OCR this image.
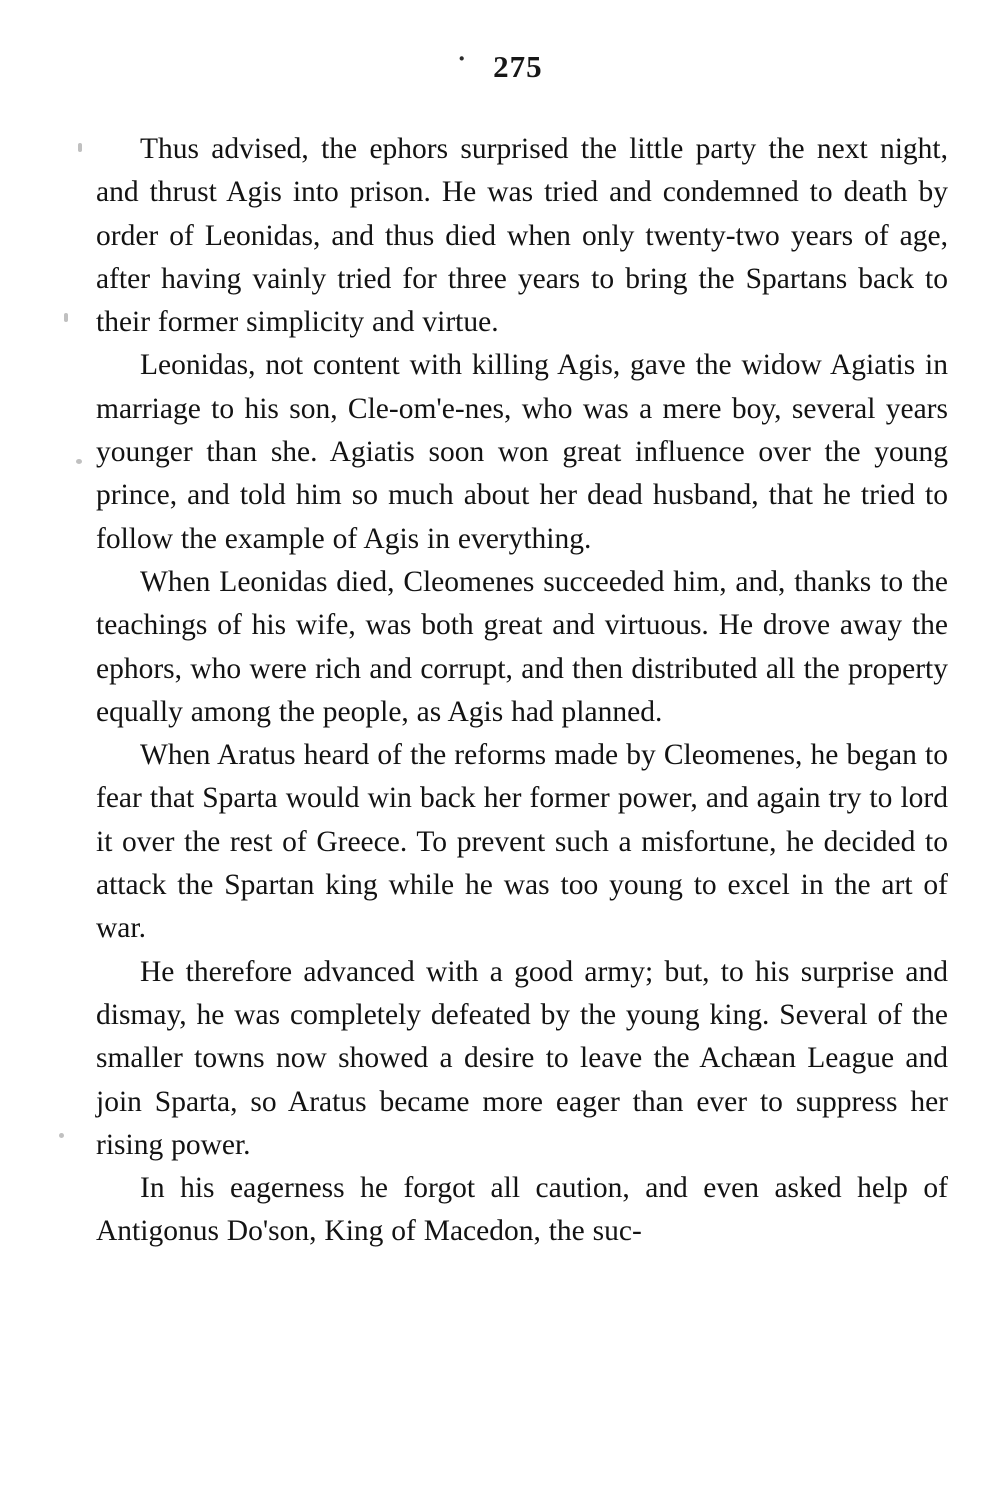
· 275

Thus advised, the ephors surprised the little party the next night, and thrust Agis into prison. He was tried and condemned to death by order of Leonidas, and thus died when only twenty-two years of age, after having vainly tried for three years to bring the Spartans back to their former simplicity and virtue.

Leonidas, not content with killing Agis, gave the widow Agiatis in marriage to his son, Cle-om'e-nes, who was a mere boy, several years younger than she. Agiatis soon won great influence over the young prince, and told him so much about her dead husband, that he tried to follow the example of Agis in everything.

When Leonidas died, Cleomenes succeeded him, and, thanks to the teachings of his wife, was both great and virtuous. He drove away the ephors, who were rich and corrupt, and then distributed all the property equally among the people, as Agis had planned.

When Aratus heard of the reforms made by Cleomenes, he began to fear that Sparta would win back her former power, and again try to lord it over the rest of Greece. To prevent such a misfortune, he decided to attack the Spartan king while he was too young to excel in the art of war.

He therefore advanced with a good army; but, to his surprise and dismay, he was completely defeated by the young king. Several of the smaller towns now showed a desire to leave the Achæan League and join Sparta, so Aratus became more eager than ever to suppress her rising power.

In his eagerness he forgot all caution, and even asked help of Antigonus Do'son, King of Macedon, the suc-
